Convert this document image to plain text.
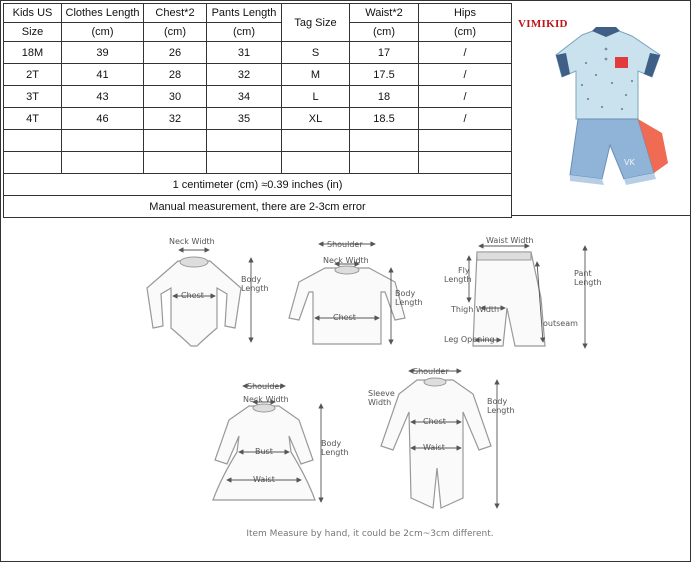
Kids US	Clothes Length	Chest*2	Pants Length	Tag Size	Waist*2	Hips
Size	(cm)	(cm)	(cm)		(cm)	(cm)
18M	39	26	31	S	17	/
2T	41	28	32	M	17.5	/
3T	43	30	34	L	18	/
4T	46	32	35	XL	18.5	/

1 centimeter (cm) ≈0.39 inches (in)						
Manual measurement, there are 2-3cm error						
VIMIKID
VK
Neck Width
Chest
Body
Length
Shoulder
Neck Width
Chest
Body
Length
Waist Width
Fly
Length
Thigh Width
Leg Opening
outseam
Pant
Length
Shoulder
Neck Width
Bust
Waist
Body
Length
Shoulder
Sleeve
Width
Chest
Waist
Body
Length
Item Measure by hand, it could be 2cm~3cm different.
